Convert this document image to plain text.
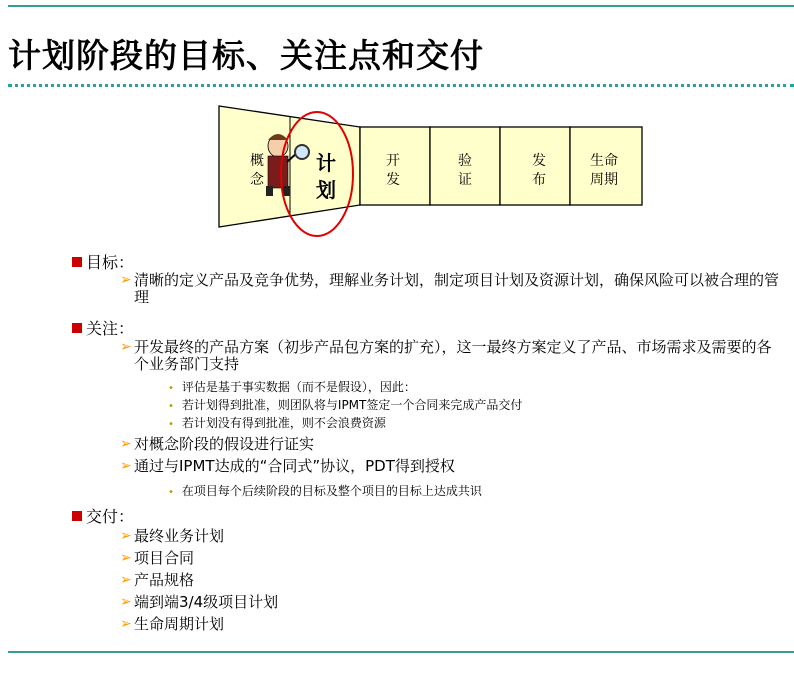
计划阶段的目标、关注点和交付
概
念
计
划
开
发
验
证
发
布
生命
周期
目标：
➢ 清晰的定义产品及竞争优势，理解业务计划，制定项目计划及资源计划，确保风险可以被合理的管理
关注：
➢ 开发最终的产品方案（初步产品包方案的扩充），这一最终方案定义了产品、市场需求及需要的各个业务部门支持
• 评估是基于事实数据（而不是假设），因此：
• 若计划得到批准，则团队将与IPMT签定一个合同来完成产品交付
• 若计划没有得到批准，则不会浪费资源
➢ 对概念阶段的假设进行证实
➢ 通过与IPMT达成的“合同式”协议，PDT得到授权
• 在项目每个后续阶段的目标及整个项目的目标上达成共识
交付：
➢ 最终业务计划
➢ 项目合同
➢ 产品规格
➢ 端到端3/4级项目计划
➢ 生命周期计划
